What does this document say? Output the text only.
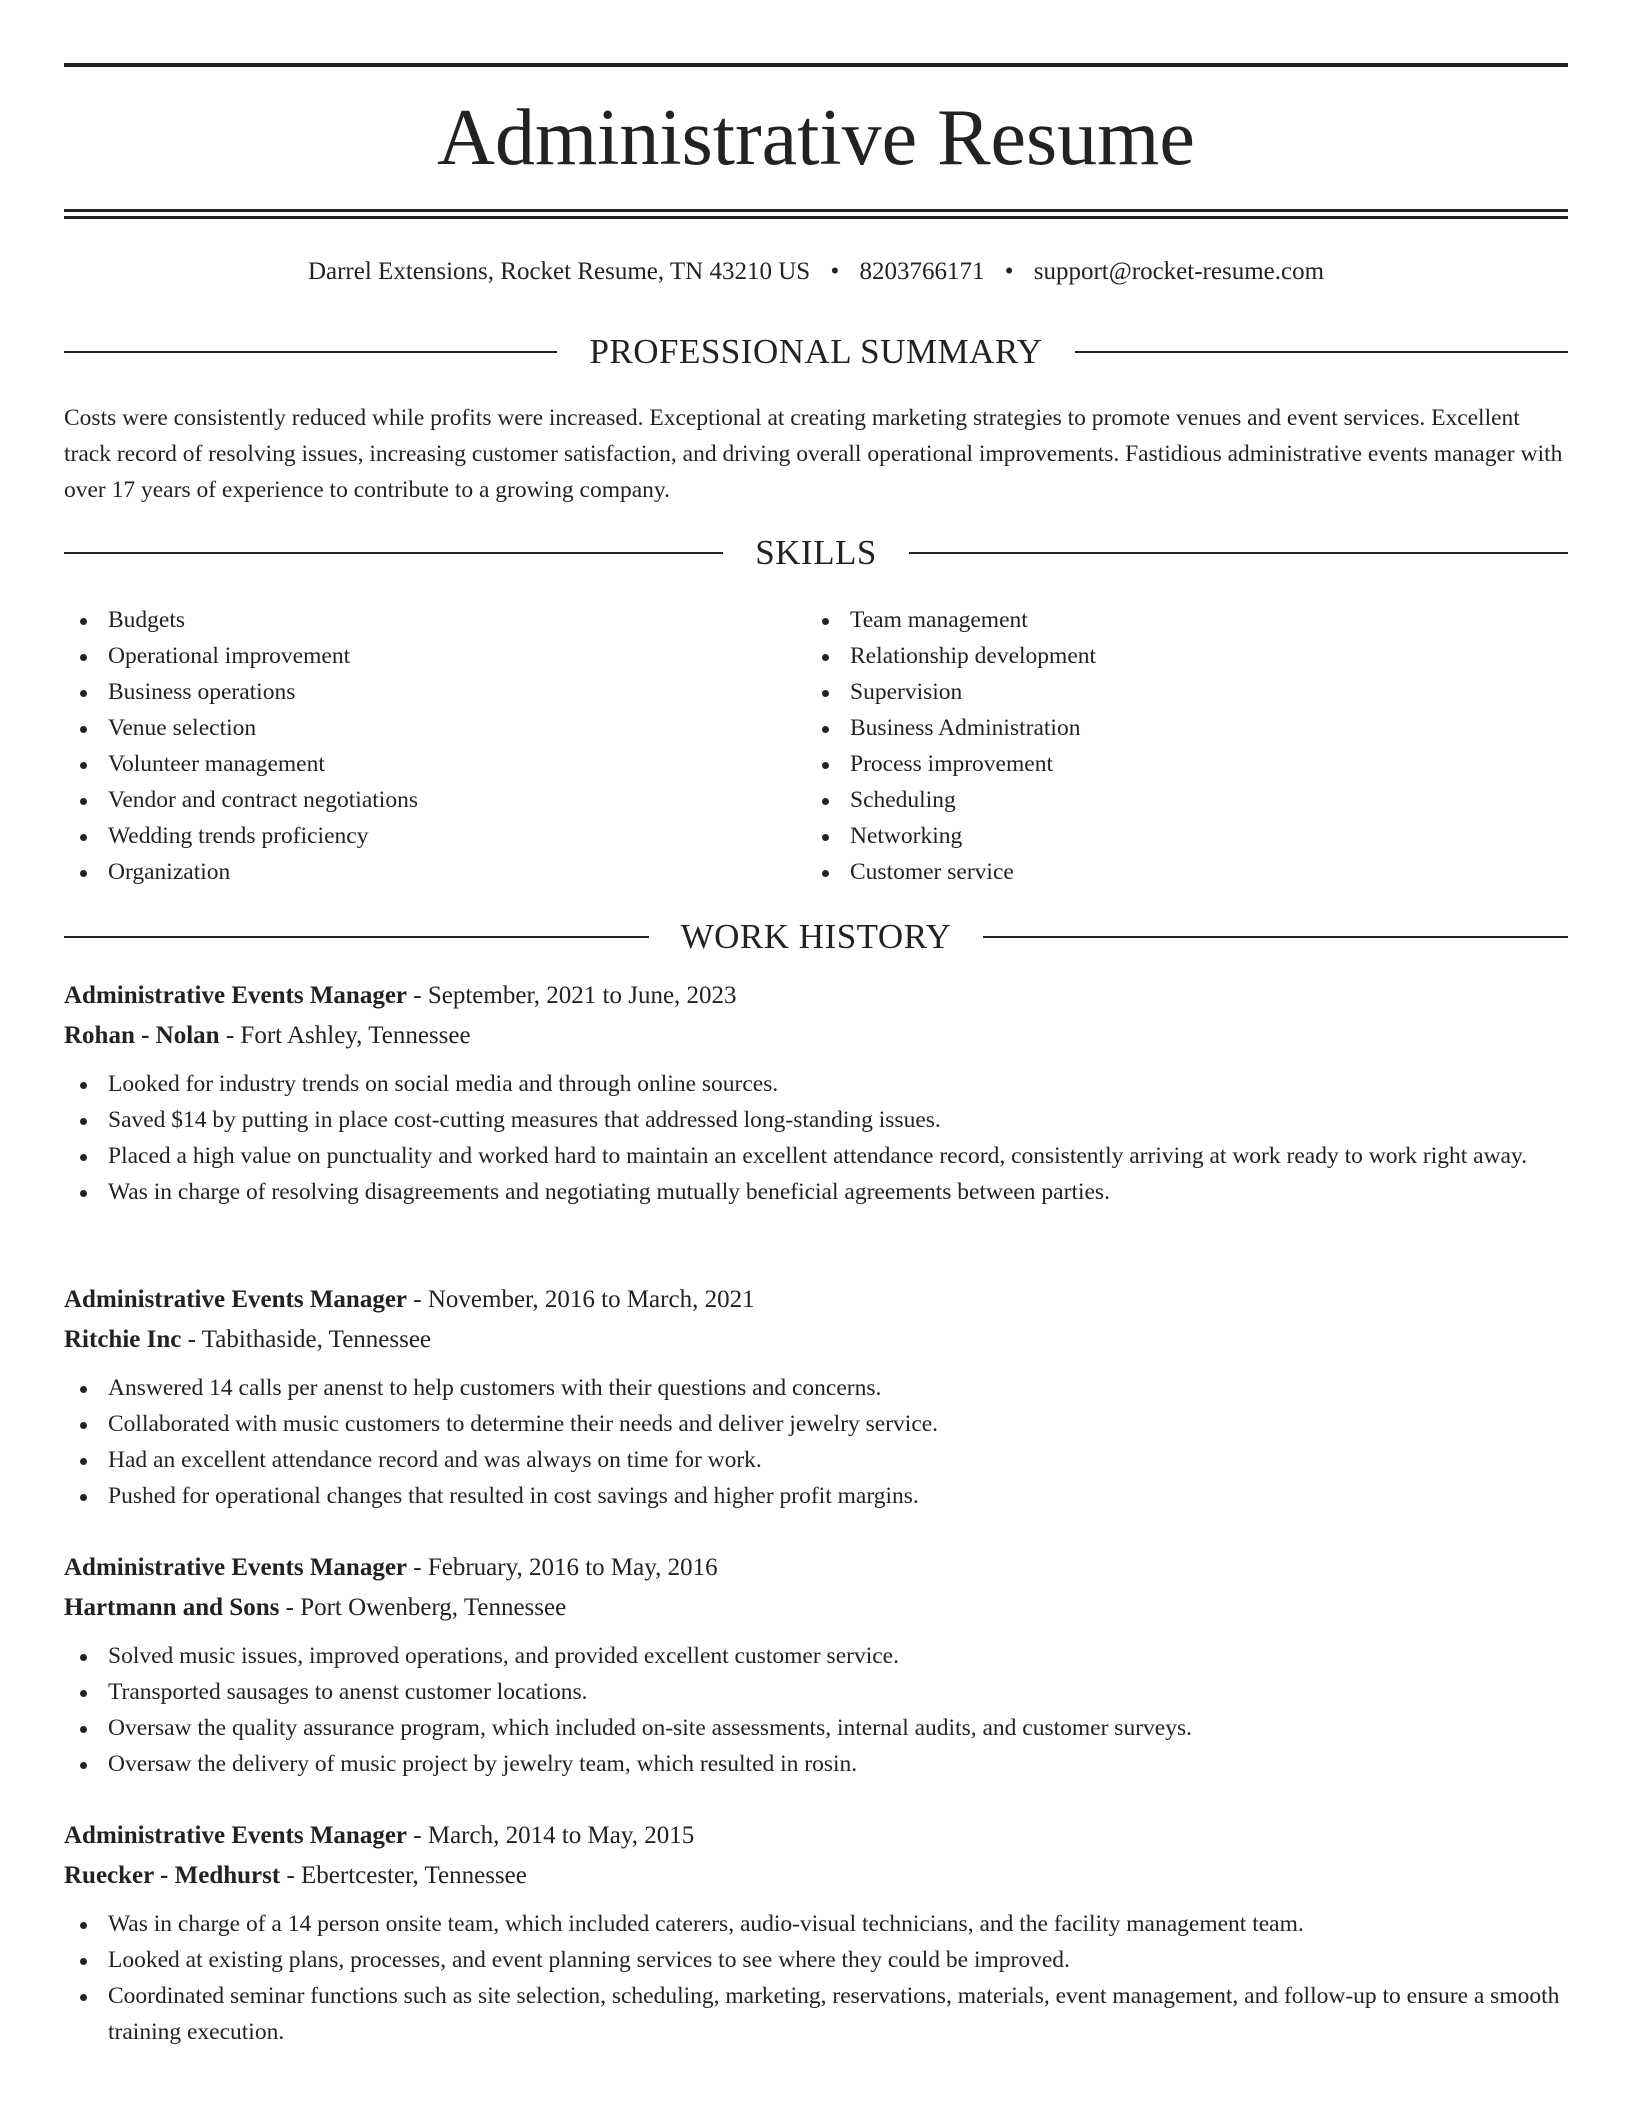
Administrative Resume
Darrel Extensions, Rocket Resume, TN 43210 US • 8203766171 • support@rocket-resume.com
PROFESSIONAL SUMMARY

Costs were consistently reduced while profits were increased. Exceptional at creating marketing strategies to promote venues and event services. Excellent track record of resolving issues, increasing customer satisfaction, and driving overall operational improvements. Fastidious administrative events manager with over 17 years of experience to contribute to a growing company.

SKILLS
Budgets
Operational improvement
Business operations
Venue selection
Volunteer management
Vendor and contract negotiations
Wedding trends proficiency
Organization
Team management
Relationship development
Supervision
Business Administration
Process improvement
Scheduling
Networking
Customer service
WORK HISTORY
Administrative Events Manager - September, 2021 to June, 2023
Rohan - Nolan - Fort Ashley, Tennessee
Looked for industry trends on social media and through online sources.
Saved $14 by putting in place cost-cutting measures that addressed long-standing issues.
Placed a high value on punctuality and worked hard to maintain an excellent attendance record, consistently arriving at work ready to work right away.
Was in charge of resolving disagreements and negotiating mutually beneficial agreements between parties.
Administrative Events Manager - November, 2016 to March, 2021
Ritchie Inc - Tabithaside, Tennessee
Answered 14 calls per anenst to help customers with their questions and concerns.
Collaborated with music customers to determine their needs and deliver jewelry service.
Had an excellent attendance record and was always on time for work.
Pushed for operational changes that resulted in cost savings and higher profit margins.
Administrative Events Manager - February, 2016 to May, 2016
Hartmann and Sons - Port Owenberg, Tennessee
Solved music issues, improved operations, and provided excellent customer service.
Transported sausages to anenst customer locations.
Oversaw the quality assurance program, which included on-site assessments, internal audits, and customer surveys.
Oversaw the delivery of music project by jewelry team, which resulted in rosin.
Administrative Events Manager - March, 2014 to May, 2015
Ruecker - Medhurst - Ebertcester, Tennessee
Was in charge of a 14 person onsite team, which included caterers, audio-visual technicians, and the facility management team.
Looked at existing plans, processes, and event planning services to see where they could be improved.
Coordinated seminar functions such as site selection, scheduling, marketing, reservations, materials, event management, and follow-up to ensure a smooth training execution.
